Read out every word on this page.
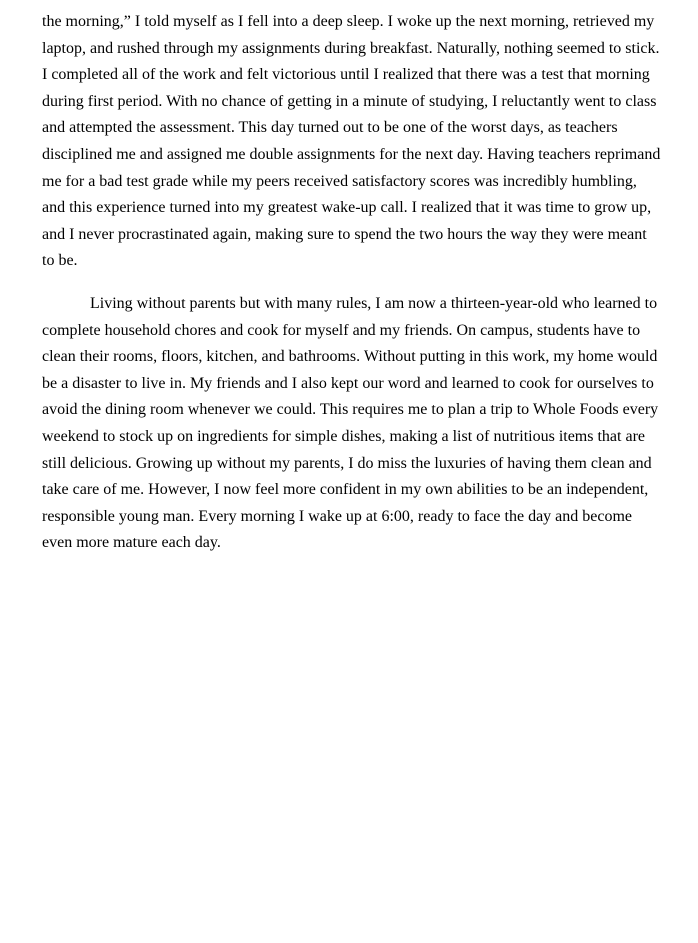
the morning,” I told myself as I fell into a deep sleep. I woke up the next morning, retrieved my
laptop, and rushed through my assignments during breakfast. Naturally, nothing seemed to stick.
I completed all of the work and felt victorious until I realized that there was a test that morning
during first period. With no chance of getting in a minute of studying, I reluctantly went to class
and attempted the assessment. This day turned out to be one of the worst days, as teachers
disciplined me and assigned me double assignments for the next day. Having teachers reprimand
me for a bad test grade while my peers received satisfactory scores was incredibly humbling,
and this experience turned into my greatest wake-up call. I realized that it was time to grow up,
and I never procrastinated again, making sure to spend the two hours the way they were meant
to be.

Living without parents but with many rules, I am now a thirteen-year-old who learned to
complete household chores and cook for myself and my friends. On campus, students have to
clean their rooms, floors, kitchen, and bathrooms. Without putting in this work, my home would
be a disaster to live in. My friends and I also kept our word and learned to cook for ourselves to
avoid the dining room whenever we could. This requires me to plan a trip to Whole Foods every
weekend to stock up on ingredients for simple dishes, making a list of nutritious items that are
still delicious. Growing up without my parents, I do miss the luxuries of having them clean and
take care of me. However, I now feel more confident in my own abilities to be an independent,
responsible young man. Every morning I wake up at 6:00, ready to face the day and become
even more mature each day.
